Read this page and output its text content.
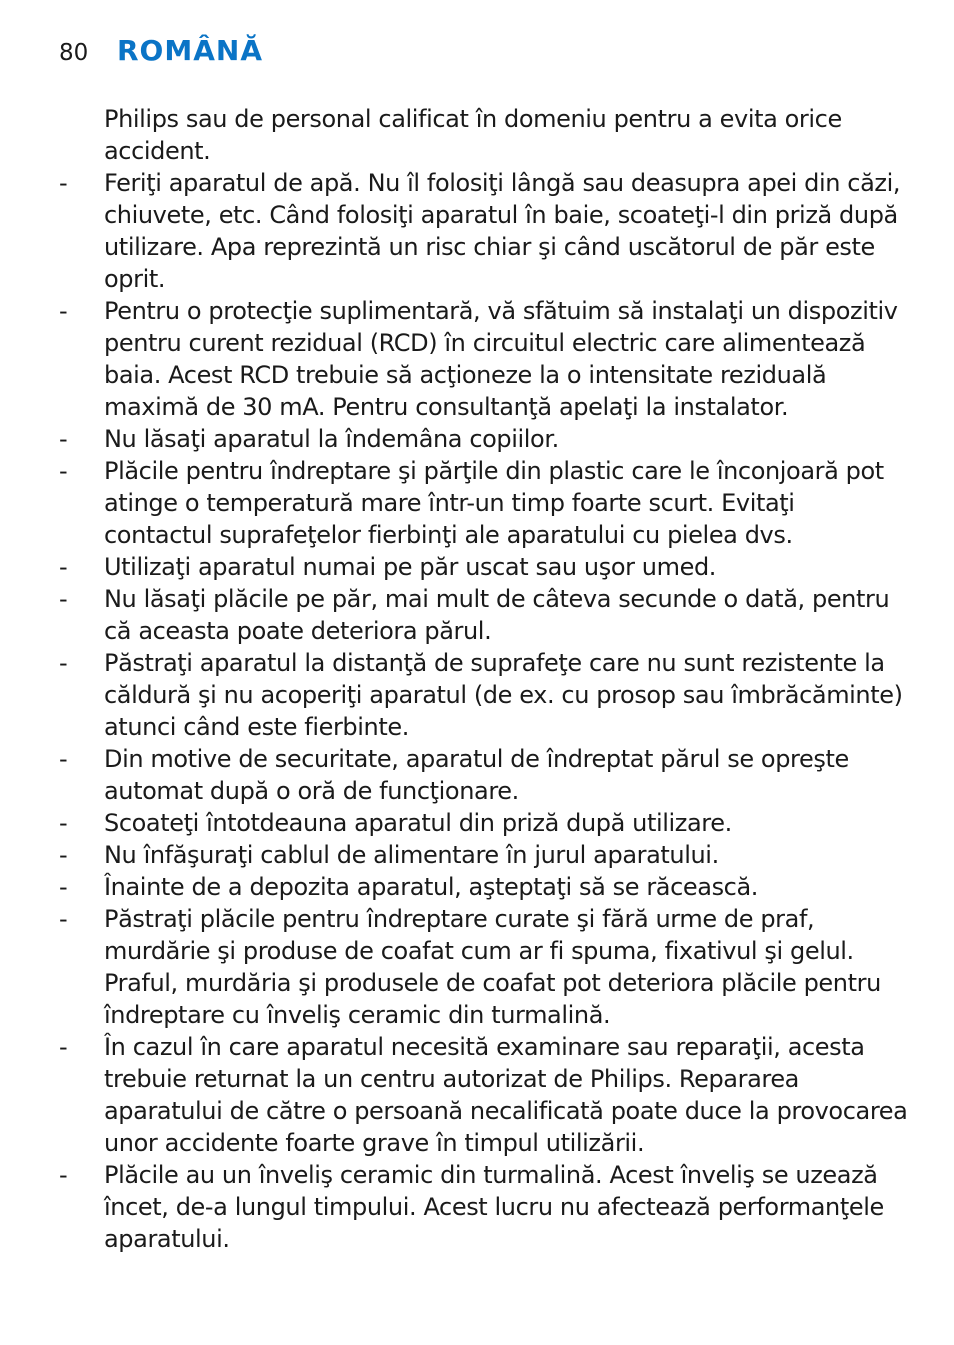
80	ROMÂNĂ
Philips sau de personal calificat în domeniu pentru a evita orice accident.
-	Feriţi aparatul de apă. Nu îl folosiţi lângă sau deasupra apei din căzi, chiuvete, etc. Când folosiţi aparatul în baie, scoateţi-l din priză după utilizare. Apa reprezintă un risc chiar şi când uscătorul de păr este oprit.
-	Pentru o protecţie suplimentară, vă sfătuim să instalaţi un dispozitiv pentru curent rezidual (RCD) în circuitul electric care alimentează baia. Acest RCD trebuie să acţioneze la o intensitate reziduală maximă de 30 mA. Pentru consultanţă apelaţi la instalator.
-	Nu lăsaţi aparatul la îndemâna copiilor.
-	Plăcile pentru îndreptare şi părţile din plastic care le înconjoară pot atinge o temperatură mare într-un timp foarte scurt. Evitaţi contactul suprafeţelor fierbinţi ale aparatului cu pielea dvs.
-	Utilizaţi aparatul numai pe păr uscat sau uşor umed.
-	Nu lăsaţi plăcile pe păr, mai mult de câteva secunde o dată, pentru că aceasta poate deteriora părul.
-	Păstraţi aparatul la distanţă de suprafeţe care nu sunt rezistente la căldură şi nu acoperiţi aparatul (de ex. cu prosop sau îmbrăcăminte) atunci când este fierbinte.
-	Din motive de securitate, aparatul de îndreptat părul se opreşte automat după o oră de funcţionare.
-	Scoateţi întotdeauna aparatul din priză după utilizare.
-	Nu înfăşuraţi cablul de alimentare în jurul aparatului.
-	Înainte de a depozita aparatul, aşteptaţi să se răcească.
-	Păstraţi plăcile pentru îndreptare curate şi fără urme de praf, murdărie şi produse de coafat cum ar fi spuma, fixativul şi gelul. Praful, murdăria şi produsele de coafat pot deteriora plăcile pentru îndreptare cu înveliş ceramic din turmalină.
-	În cazul în care aparatul necesită examinare sau reparaţii, acesta trebuie returnat la un centru autorizat de Philips. Repararea aparatului de către o persoană necalificată poate duce la provocarea unor accidente foarte grave în timpul utilizării.
-	Plăcile au un înveliş ceramic din turmalină. Acest înveliş se uzează încet, de-a lungul timpului. Acest lucru nu afectează performanţele aparatului.
